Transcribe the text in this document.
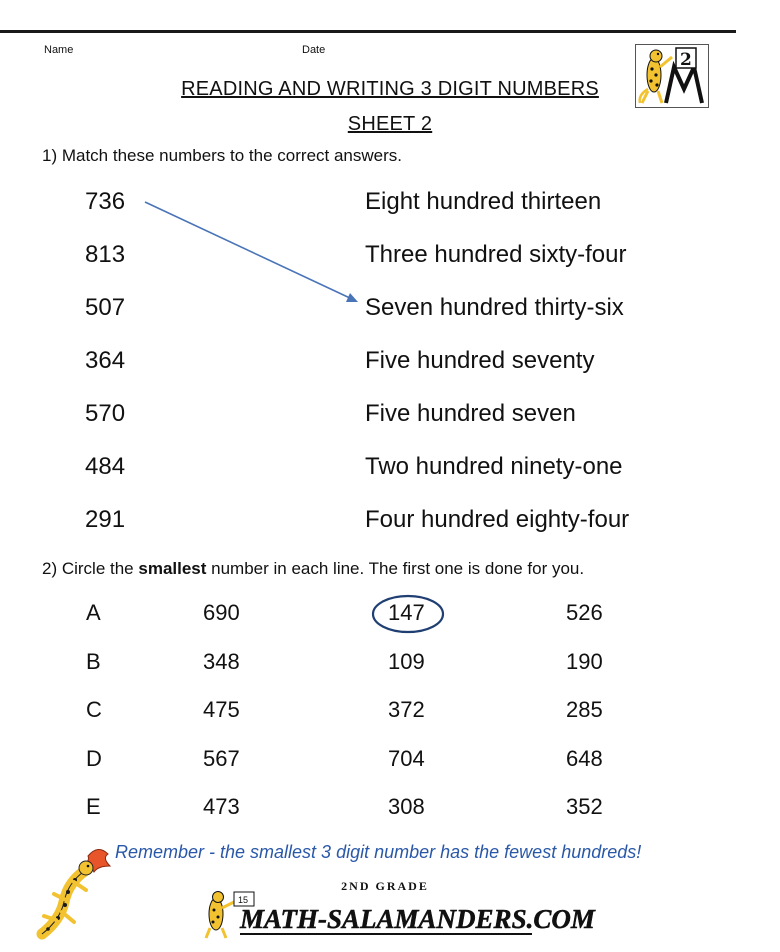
Name	Date
READING AND WRITING 3 DIGIT NUMBERS
SHEET 2
2
1) Match these numbers to the correct answers.
736
813
507
364
570
484
291
Eight hundred thirteen
Three hundred sixty-four
Seven hundred thirty-six
Five hundred seventy
Five hundred seven
Two hundred ninety-one
Four hundred eighty-four
2) Circle the smallest number in each line. The first one is done for you.
A	690	147	526
B	348	109	190
C	475	372	285
D	567	704	648
E	473	308	352
Remember - the smallest 3 digit number has the fewest hundreds!
15
2ND GRADE
MATH-SALAMANDERS.COM
